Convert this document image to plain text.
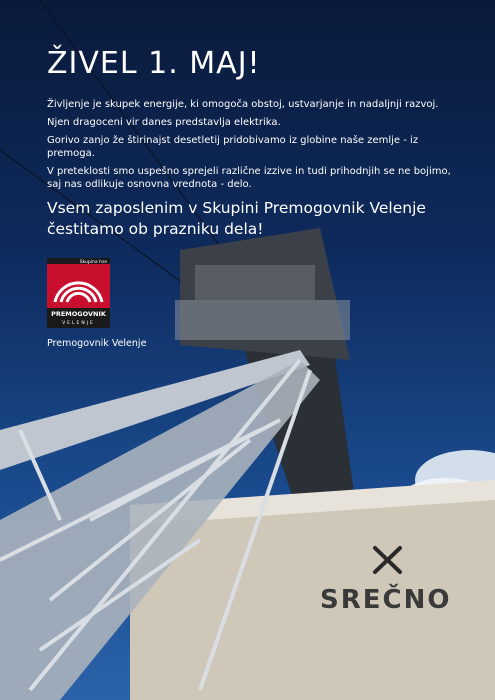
ŽIVEL 1. MAJ!

Življenje je skupek energije, ki omogoča obstoj, ustvarjanje in nadaljnji razvoj.

Njen dragoceni vir danes predstavlja elektrika.

Gorivo zanjo že štirinajst desetletij pridobivamo iz globine naše zemlje - iz premoga.

V preteklosti smo uspešno sprejeli različne izzive in tudi prihodnjih se ne bojimo, saj nas odlikuje osnovna vrednota - delo.

Vsem zaposlenim v Skupini Premogovnik Velenje čestitamo ob prazniku dela!
Skupina hse
PREMOGOVNIK
VELENJE
Premogovnik Velenje
SREČNO
